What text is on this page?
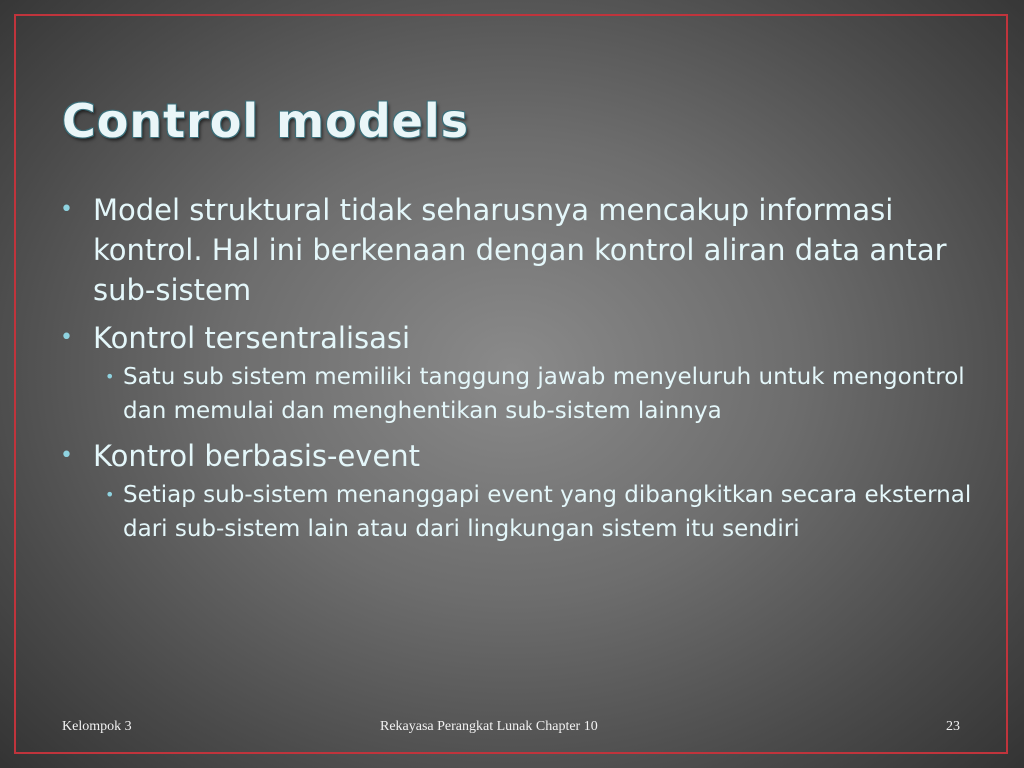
Control models
• Model struktural tidak seharusnya mencakup informasi kontrol. Hal ini berkenaan dengan kontrol aliran data antar sub-sistem
• Kontrol tersentralisasi
• Satu sub sistem memiliki tanggung jawab menyeluruh untuk mengontrol dan memulai dan menghentikan sub-sistem lainnya
• Kontrol berbasis-event
• Setiap sub-sistem menanggapi event yang dibangkitkan secara eksternal dari sub-sistem lain atau dari lingkungan sistem itu sendiri
Kelompok 3	Rekayasa Perangkat Lunak Chapter 10	23
